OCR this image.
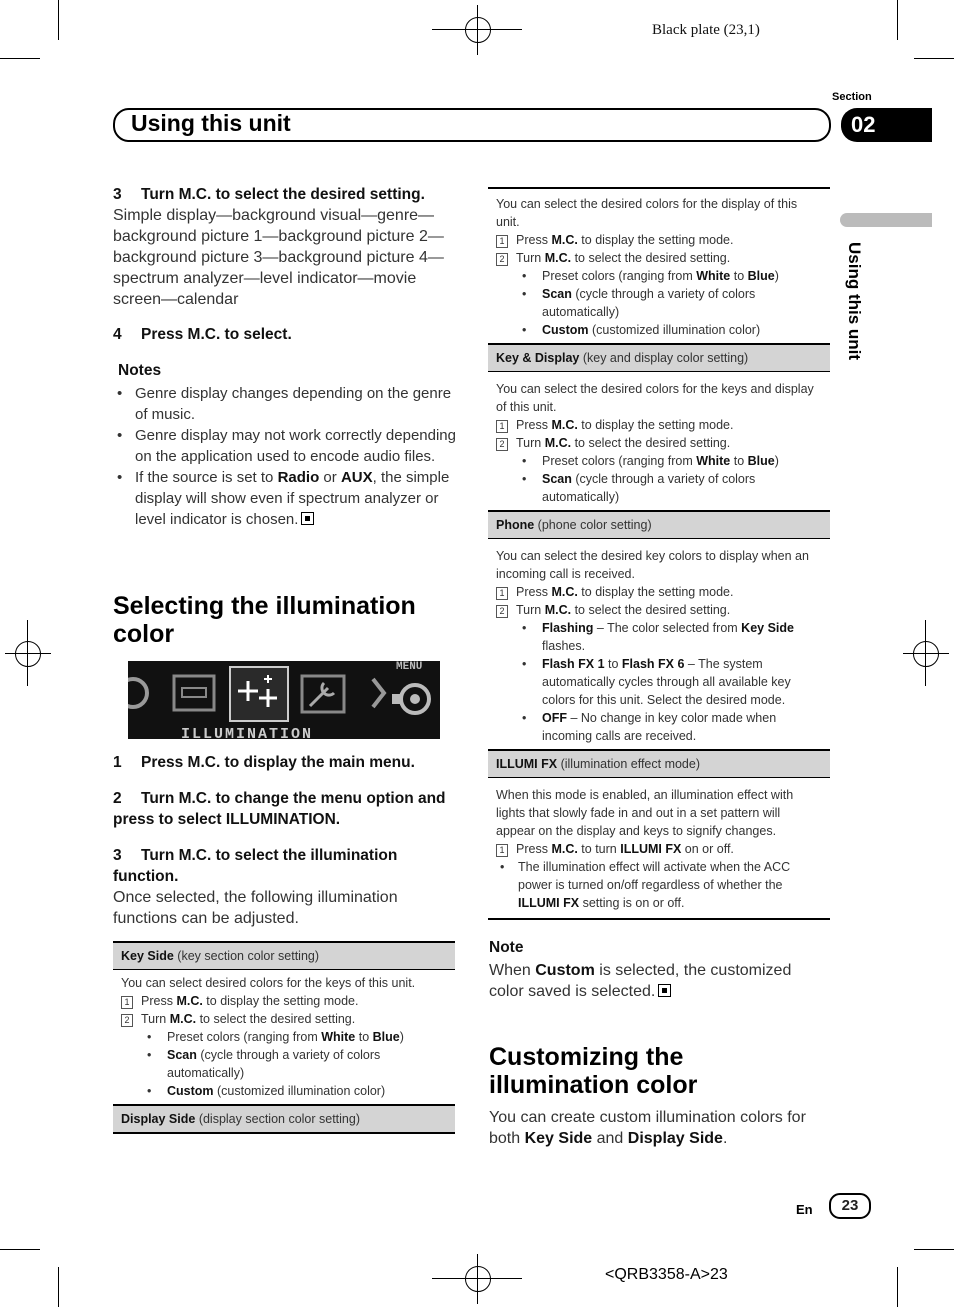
Black plate (23,1)
Using this unit
Section
02
Using this unit
3 Turn M.C. to select the desired setting.
Simple display—background visual—genre—background picture 1—background picture 2—background picture 3—background picture 4—spectrum analyzer—level indicator—movie screen—calendar
4 Press M.C. to select.
Notes
• Genre display changes depending on the genre of music.
• Genre display may not work correctly depending on the application used to encode audio files.
• If the source is set to Radio or AUX, the simple display will show even if spectrum analyzer or level indicator is chosen.
Selecting the illumination color
MENU
ILLUMINATION
1 Press M.C. to display the main menu.
2 Turn M.C. to change the menu option and press to select ILLUMINATION.
3 Turn M.C. to select the illumination function.
Once selected, the following illumination functions can be adjusted.
Key Side (key section color setting)
You can select desired colors for the keys of this unit.
1 Press M.C. to display the setting mode.
2 Turn M.C. to select the desired setting.
• Preset colors (ranging from White to Blue)
• Scan (cycle through a variety of colors automatically)
• Custom (customized illumination color)
Display Side (display section color setting)
You can select the desired colors for the display of this unit.
1 Press M.C. to display the setting mode.
2 Turn M.C. to select the desired setting.
• Preset colors (ranging from White to Blue)
• Scan (cycle through a variety of colors automatically)
• Custom (customized illumination color)
Key & Display (key and display color setting)
You can select the desired colors for the keys and display of this unit.
1 Press M.C. to display the setting mode.
2 Turn M.C. to select the desired setting.
• Preset colors (ranging from White to Blue)
• Scan (cycle through a variety of colors automatically)
Phone (phone color setting)
You can select the desired key colors to display when an incoming call is received.
1 Press M.C. to display the setting mode.
2 Turn M.C. to select the desired setting.
• Flashing – The color selected from Key Side flashes.
• Flash FX 1 to Flash FX 6 – The system automatically cycles through all available key colors for this unit. Select the desired mode.
• OFF – No change in key color made when incoming calls are received.
ILLUMI FX (illumination effect mode)
When this mode is enabled, an illumination effect with lights that slowly fade in and out in a set pattern will appear on the display and keys to signify changes.
1 Press M.C. to turn ILLUMI FX on or off.
• The illumination effect will activate when the ACC power is turned on/off regardless of whether the ILLUMI FX setting is on or off.
Note
When Custom is selected, the customized color saved is selected.
Customizing the illumination color
You can create custom illumination colors for both Key Side and Display Side.
En	23
<QRB3358-A>23
